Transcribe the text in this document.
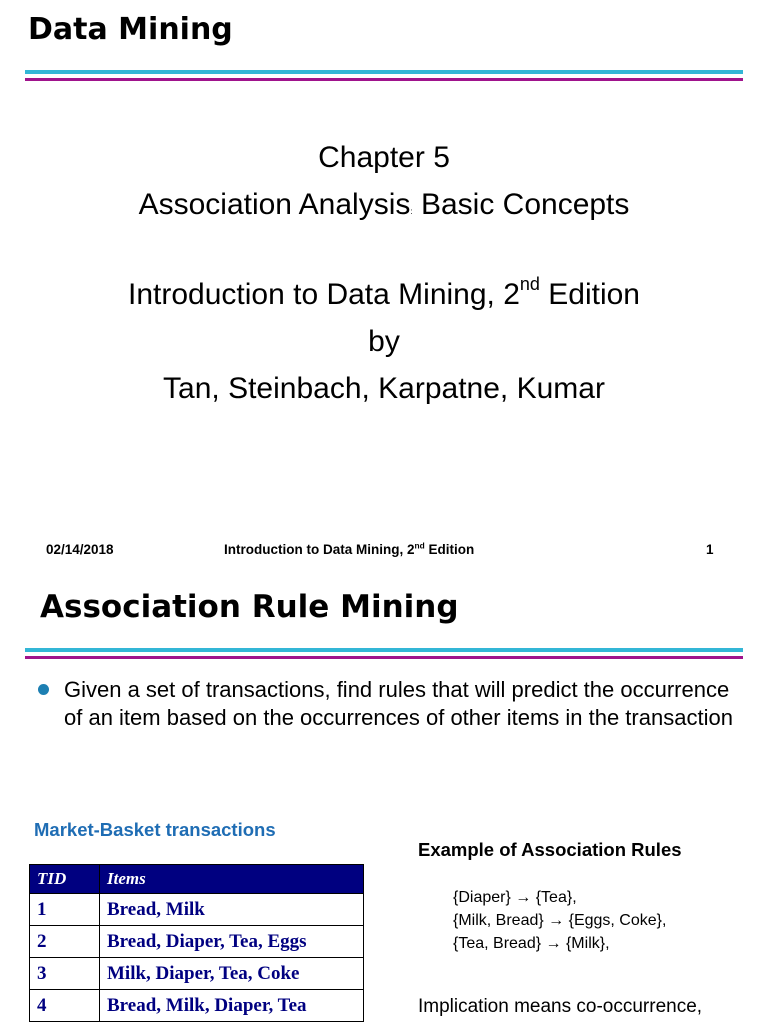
Data Mining
Chapter 5
Association Analysis: Basic Concepts
Introduction to Data Mining, 2nd Edition
by
Tan, Steinbach, Karpatne, Kumar
02/14/2018	Introduction to Data Mining, 2nd Edition	1
Association Rule Mining
Given a set of transactions, find rules that will predict the occurrence of an item based on the occurrences of other items in the transaction
Market-Basket transactions
TID	Items
1	Bread, Milk
2	Bread, Diaper, Tea, Eggs
3	Milk, Diaper, Tea, Coke
4	Bread, Milk, Diaper, Tea
Example of Association Rules
{Diaper} → {Tea},
{Milk, Bread} → {Eggs, Coke},
{Tea, Bread} → {Milk},
Implication means co-occurrence,
